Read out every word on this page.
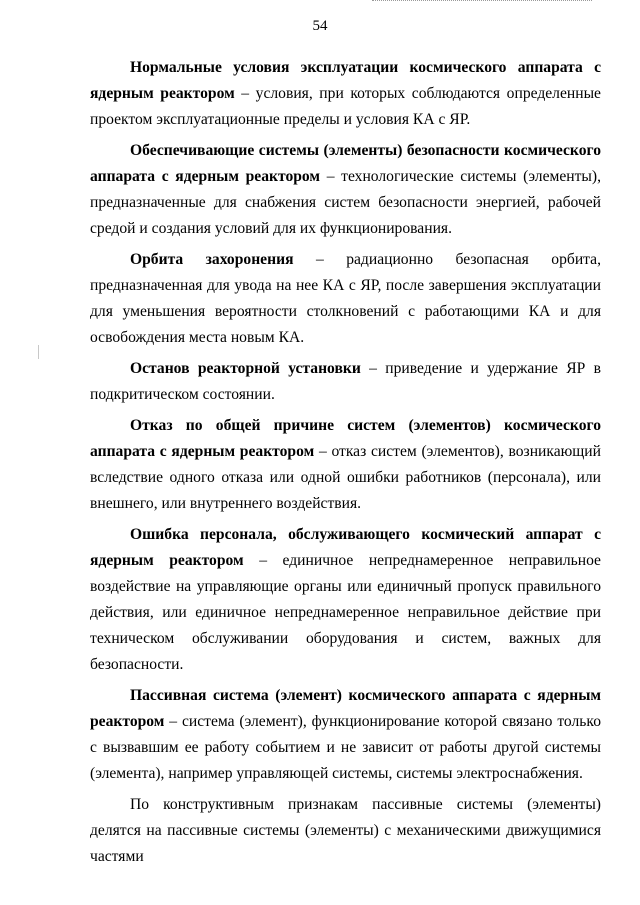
54

Нормальные условия эксплуатации космического аппарата с ядерным реактором – условия, при которых соблюдаются определенные проектом эксплуатационные пределы и условия КА с ЯР.

Обеспечивающие системы (элементы) безопасности космического аппарата с ядерным реактором – технологические системы (элементы), предназначенные для снабжения систем безопасности энергией, рабочей средой и создания условий для их функционирования.

Орбита захоронения – радиационно безопасная орбита, предназначенная для увода на нее КА с ЯР, после завершения эксплуатации для уменьшения вероятности столкновений с работающими КА и для освобождения места новым КА.

Останов реакторной установки – приведение и удержание ЯР в подкритическом состоянии.

Отказ по общей причине систем (элементов) космического аппарата с ядерным реактором – отказ систем (элементов), возникающий вследствие одного отказа или одной ошибки работников (персонала), или внешнего, или внутреннего воздействия.

Ошибка персонала, обслуживающего космический аппарат с ядерным реактором – единичное непреднамеренное неправильное воздействие на управляющие органы или единичный пропуск правильного действия, или единичное непреднамеренное неправильное действие при техническом обслуживании оборудования и систем, важных для безопасности.

Пассивная система (элемент) космического аппарата с ядерным реактором – система (элемент), функционирование которой связано только с вызвавшим ее работу событием и не зависит от работы другой системы (элемента), например управляющей системы, системы электроснабжения.

По конструктивным признакам пассивные системы (элементы) делятся на пассивные системы (элементы) с механическими движущимися частями
